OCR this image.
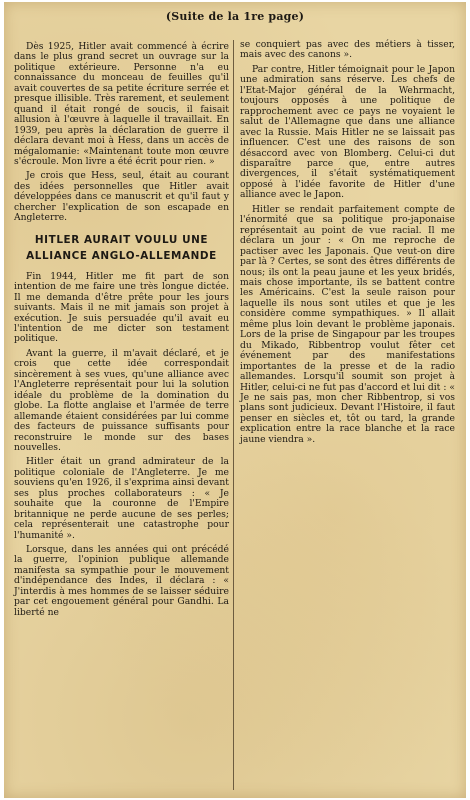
(Suite de la 1re page)

Dès 1925, Hitler avait commencé à écrire dans le plus grand secret un ouvrage sur la politique extérieure. Personne n'a eu connaissance du monceau de feuilles qu'il avait couvertes de sa petite écriture serrée et presque illisible. Très rarement, et seulement quand il était rongé de soucis, il faisait allusion à l'œuvre à laquelle il travaillait. En 1939, peu après la déclaration de guerre il déclara devant moi à Hess, dans un accès de mégalomanie: «Maintenant toute mon œuvre s'écroule. Mon livre a été écrit pour rien. »

Je crois que Hess, seul, était au courant des idées personnelles que Hitler avait développées dans ce manuscrit et qu'il faut y chercher l'explication de son escapade en Angleterre.

HITLER AURAIT VOULU UNE
ALLIANCE ANGLO-ALLEMANDE

Fin 1944, Hitler me fit part de son intention de me faire une très longue dictée. Il me demanda d'être prête pour les jours suivants. Mais il ne mit jamais son projet à exécution. Je suis persuadée qu'il avait eu l'intention de me dicter son testament politique.

Avant la guerre, il m'avait déclaré, et je crois que cette idée correspondait sincèrement à ses vues, qu'une alliance avec l'Angleterre représentait pour lui la solution idéale du problème de la domination du globe. La flotte anglaise et l'armée de terre allemande étaient considérées par lui comme des facteurs de puissance suffisants pour reconstruire le monde sur des bases nouvelles.

Hitler était un grand admirateur de la politique coloniale de l'Angleterre. Je me souviens qu'en 1926, il s'exprima ainsi devant ses plus proches collaborateurs : « Je souhaite que la couronne de l'Empire britannique ne perde aucune de ses perles; cela représenterait une catastrophe pour l'humanité ».

Lorsque, dans les années qui ont précédé la guerre, l'opinion publique allemande manifesta sa sympathie pour le mouvement d'indépendance des Indes, il déclara : « J'interdis à mes hommes de se laisser séduire par cet engouement général pour Gandhi. La liberté ne

se conquiert pas avec des métiers à tisser, mais avec des canons ».

Par contre, Hitler témoignait pour le Japon une admiration sans réserve. Les chefs de l'Etat-Major général de la Wehrmacht, toujours opposés à une politique de rapprochement avec ce pays ne voyaient le salut de l'Allemagne que dans une alliance avec la Russie. Mais Hitler ne se laissait pas influencer. C'est une des raisons de son désaccord avec von Blomberg. Celui-ci dut disparaître parce que, entre autres divergences, il s'était systématiquement opposé à l'idée favorite de Hitler d'une alliance avec le Japon.

Hitler se rendait parfaitement compte de l'énormité que sa politique pro-japonaise représentait au point de vue racial. Il me déclara un jour : « On me reproche de pactiser avec les Japonais. Que veut-on dire par là ? Certes, se sont des êtres différents de nous; ils ont la peau jaune et les yeux bridés, mais chose importante, ils se battent contre les Américains. C'est la seule raison pour laquelle ils nous sont utiles et que je les considère comme sympathiques. » Il allait même plus loin devant le problème japonais. Lors de la prise de Singapour par les troupes du Mikado, Ribbentrop voulut fêter cet événement par des manifestations importantes de la presse et de la radio allemandes. Lorsqu'il soumit son projet à Hitler, celui-ci ne fut pas d'accord et lui dit : « Je ne sais pas, mon cher Ribbentrop, si vos plans sont judicieux. Devant l'Histoire, il faut penser en siècles et, tôt ou tard, la grande explication entre la race blanche et la race jaune viendra ».
